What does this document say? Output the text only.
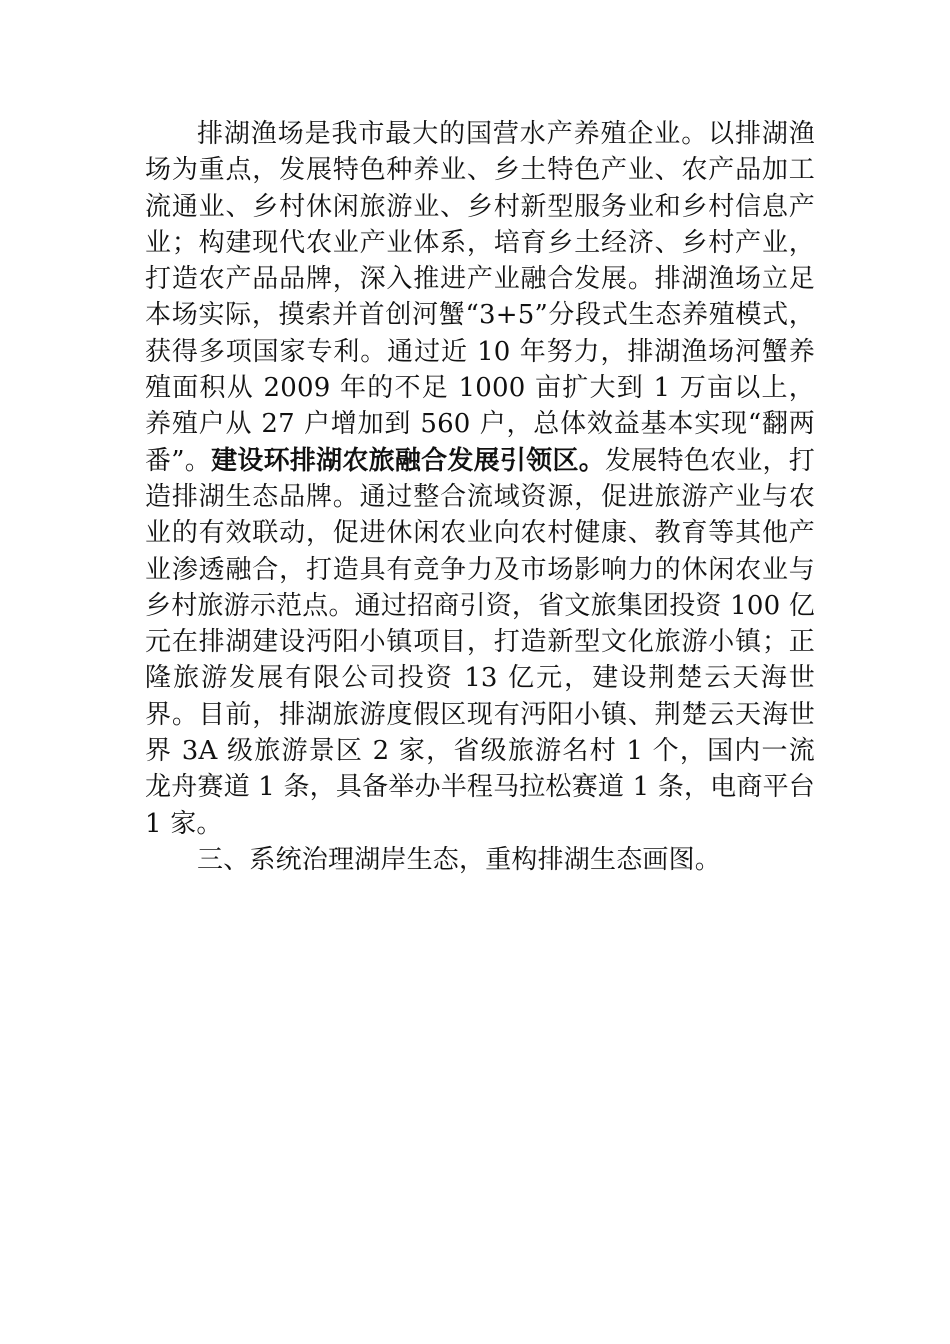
排湖渔场是我市最大的国营水产养殖企业。以排湖渔场为重点，发展特色种养业、乡土特色产业、农产品加工流通业、乡村休闲旅游业、乡村新型服务业和乡村信息产业；构建现代农业产业体系，培育乡土经济、乡村产业，打造农产品品牌，深入推进产业融合发展。排湖渔场立足本场实际，摸索并首创河蟹“3+5”分段式生态养殖模式，获得多项国家专利。通过近 10 年努力，排湖渔场河蟹养殖面积从 2009 年的不足 1000 亩扩大到 1 万亩以上，养殖户从 27 户增加到 560 户，总体效益基本实现“翻两番”。建设环排湖农旅融合发展引领区。发展特色农业，打造排湖生态品牌。通过整合流域资源，促进旅游产业与农业的有效联动，促进休闲农业向农村健康、教育等其他产业渗透融合，打造具有竞争力及市场影响力的休闲农业与乡村旅游示范点。通过招商引资，省文旅集团投资 100 亿元在排湖建设沔阳小镇项目，打造新型文化旅游小镇；正隆旅游发展有限公司投资 13 亿元，建设荆楚云天海世界。目前，排湖旅游度假区现有沔阳小镇、荆楚云天海世界 3A 级旅游景区 2 家，省级旅游名村 1 个，国内一流龙舟赛道 1 条，具备举办半程马拉松赛道 1 条，电商平台 1 家。

三、系统治理湖岸生态，重构排湖生态画图。
